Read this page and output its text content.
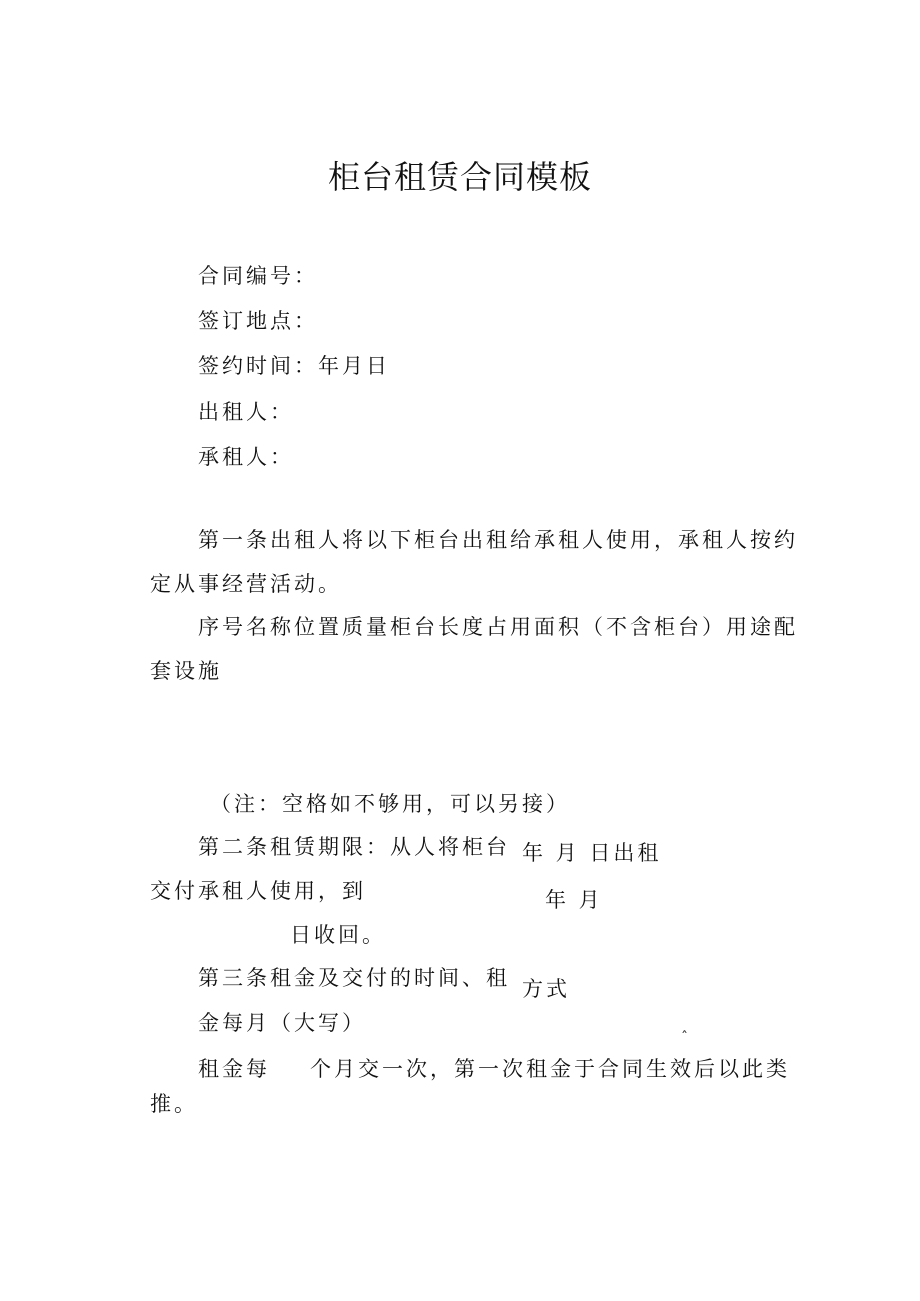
柜台租赁合同模板
合同编号：
签订地点：
签约时间：年月日
出租人：
承租人：
第一条出租人将以下柜台出租给承租人使用，承租人按约
定从事经营活动。
序号名称位置质量柜台长度占用面积（不含柜台）用途配
套设施
（注：空格如不够用，可以另接）
第二条租赁期限：从人将柜台 年 月 日出租
交付承租人使用，到	年 月
日收回。
第三条租金及交付的时间、租 方式
金每月（大写）
ˆ
租金每 个月交一次，第一次租金于合同生效后以此类
推。
